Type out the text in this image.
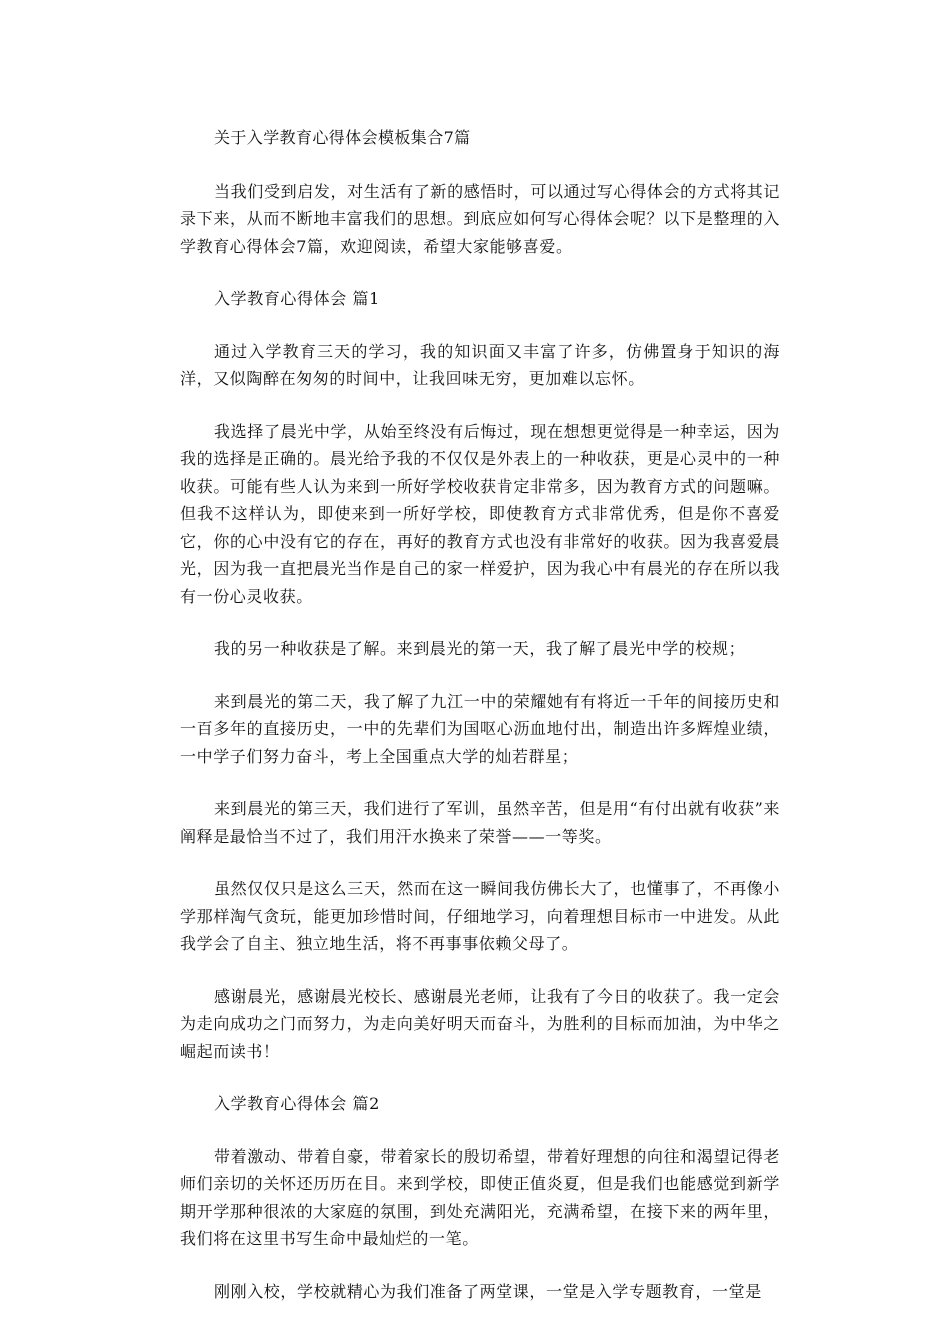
关于入学教育心得体会模板集合7篇

当我们受到启发，对生活有了新的感悟时，可以通过写心得体会的方式将其记录下来，从而不断地丰富我们的思想。到底应如何写心得体会呢？以下是整理的入学教育心得体会7篇，欢迎阅读，希望大家能够喜爱。

入学教育心得体会 篇1

通过入学教育三天的学习，我的知识面又丰富了许多，仿佛置身于知识的海洋，又似陶醉在匆匆的时间中，让我回味无穷，更加难以忘怀。

我选择了晨光中学，从始至终没有后悔过，现在想想更觉得是一种幸运，因为我的选择是正确的。晨光给予我的不仅仅是外表上的一种收获，更是心灵中的一种收获。可能有些人认为来到一所好学校收获肯定非常多，因为教育方式的问题嘛。但我不这样认为，即使来到一所好学校，即使教育方式非常优秀，但是你不喜爱它，你的心中没有它的存在，再好的教育方式也没有非常好的收获。因为我喜爱晨光，因为我一直把晨光当作是自己的家一样爱护，因为我心中有晨光的存在所以我有一份心灵收获。

我的另一种收获是了解。来到晨光的第一天，我了解了晨光中学的校规；

来到晨光的第二天，我了解了九江一中的荣耀她有有将近一千年的间接历史和一百多年的直接历史，一中的先辈们为国呕心沥血地付出，制造出许多辉煌业绩，一中学子们努力奋斗，考上全国重点大学的灿若群星；

来到晨光的第三天，我们进行了军训，虽然辛苦，但是用“有付出就有收获”来阐释是最恰当不过了，我们用汗水换来了荣誉——一等奖。

虽然仅仅只是这么三天，然而在这一瞬间我仿佛长大了，也懂事了，不再像小学那样淘气贪玩，能更加珍惜时间，仔细地学习，向着理想目标市一中进发。从此我学会了自主、独立地生活，将不再事事依赖父母了。

感谢晨光，感谢晨光校长、感谢晨光老师，让我有了今日的收获了。我一定会为走向成功之门而努力，为走向美好明天而奋斗，为胜利的目标而加油，为中华之崛起而读书！

入学教育心得体会 篇2

带着激动、带着自豪，带着家长的殷切希望，带着好理想的向往和渴望记得老师们亲切的关怀还历历在目。来到学校，即使正值炎夏，但是我们也能感觉到新学期开学那种很浓的大家庭的氛围，到处充满阳光，充满希望，在接下来的两年里，我们将在这里书写生命中最灿烂的一笔。

刚刚入校，学校就精心为我们准备了两堂课，一堂是入学专题教育，一堂是
